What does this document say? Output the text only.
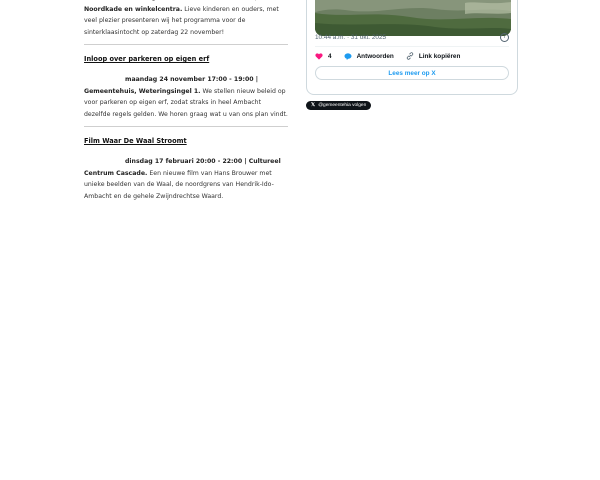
Noordkade en winkelcentra. Lieve kinderen en ouders, met veel plezier presenteren wij het programma voor de sinterklaasintocht op zaterdag 22 november!
Inloop over parkeren op eigen erf
maandag 24 november 17:00 - 19:00 | Gemeentehuis, Weteringsingel 1. We stellen nieuw beleid op voor parkeren op eigen erf, zodat straks in heel Ambacht dezelfde regels gelden. We horen graag wat u van ons plan vindt.
Film Waar De Waal Stroomt
dinsdag 17 februari 20:00 - 22:00 | Cultureel Centrum Cascade. Een nieuwe film van Hans Brouwer met unieke beelden van de Waal, de noordgrens van Hendrik-Ido-Ambacht en de gehele Zwijndrechtse Waard.
10:44 a.m. · 31 okt. 2025	i
4	Antwoorden	Link kopiëren
Lees meer op X
𝕏 @gemeentehia volgen
